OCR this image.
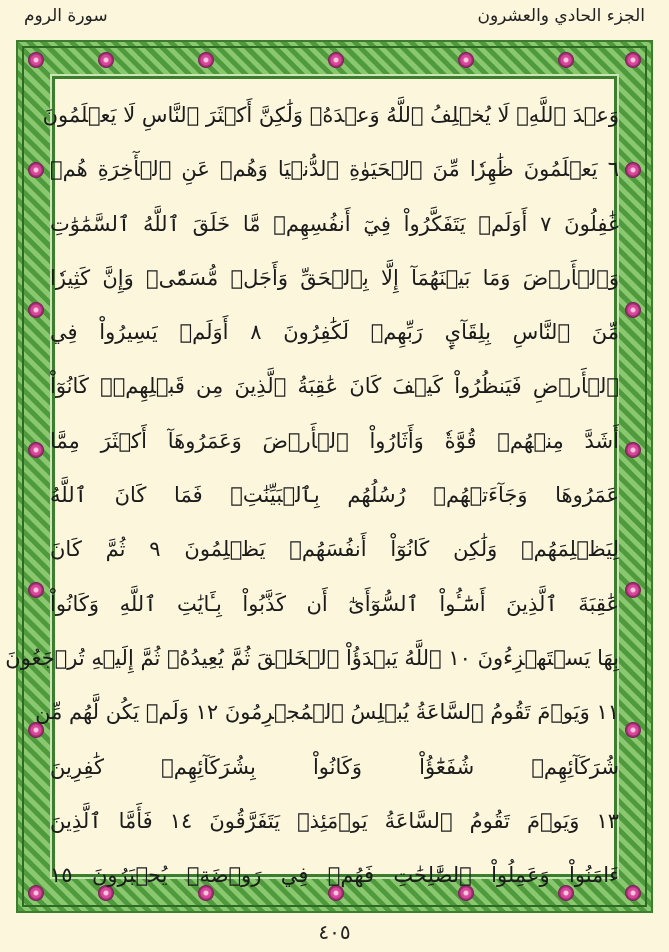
الجزء الحادي والعشرون
سورة الروم
وَعۡدَ ٱللَّهِۖ لَا يُخۡلِفُ ٱللَّهُ وَعۡدَهُۥ وَلَٰكِنَّ أَكۡثَرَ ٱلنَّاسِ لَا يَعۡلَمُونَ
٦ يَعۡلَمُونَ ظَٰهِرٗا مِّنَ ٱلۡحَيَوٰةِ ٱلدُّنۡيَا وَهُمۡ عَنِ ٱلۡأٓخِرَةِ هُمۡ
غَٰفِلُونَ ٧ أَوَلَمۡ يَتَفَكَّرُواْ فِيٓ أَنفُسِهِمۗ مَّا خَلَقَ ٱللَّهُ ٱلسَّمَٰوَٰتِ
وَٱلۡأَرۡضَ وَمَا بَيۡنَهُمَآ إِلَّا بِٱلۡحَقِّ وَأَجَلٖ مُّسَمّٗىۗ وَإِنَّ كَثِيرٗا
مِّنَ ٱلنَّاسِ بِلِقَآيِٕ رَبِّهِمۡ لَكَٰفِرُونَ ٨ أَوَلَمۡ يَسِيرُواْ فِي
ٱلۡأَرۡضِ فَيَنظُرُواْ كَيۡفَ كَانَ عَٰقِبَةُ ٱلَّذِينَ مِن قَبۡلِهِمۡۚ كَانُوٓاْ
أَشَدَّ مِنۡهُمۡ قُوَّةٗ وَأَثَارُواْ ٱلۡأَرۡضَ وَعَمَرُوهَآ أَكۡثَرَ مِمَّا
عَمَرُوهَا وَجَآءَتۡهُمۡ رُسُلُهُم بِٱلۡبَيِّنَٰتِۖ فَمَا كَانَ ٱللَّهُ
لِيَظۡلِمَهُمۡ وَلَٰكِن كَانُوٓاْ أَنفُسَهُمۡ يَظۡلِمُونَ ٩ ثُمَّ كَانَ
عَٰقِبَةَ ٱلَّذِينَ أَسَٰٓـُٔواْ ٱلسُّوٓأَىٰٓ أَن كَذَّبُواْ بِـَٔايَٰتِ ٱللَّهِ وَكَانُواْ
بِهَا يَسۡتَهۡزِءُونَ ١٠ ٱللَّهُ يَبۡدَؤُاْ ٱلۡخَلۡقَ ثُمَّ يُعِيدُهُۥ ثُمَّ إِلَيۡهِ تُرۡجَعُونَ
١١ وَيَوۡمَ تَقُومُ ٱلسَّاعَةُ يُبۡلِسُ ٱلۡمُجۡرِمُونَ ١٢ وَلَمۡ يَكُن لَّهُم مِّن
شُرَكَآئِهِمۡ شُفَعَٰٓؤُاْ وَكَانُواْ بِشُرَكَآئِهِمۡ كَٰفِرِينَ
١٣ وَيَوۡمَ تَقُومُ ٱلسَّاعَةُ يَوۡمَئِذٖ يَتَفَرَّقُونَ ١٤ فَأَمَّا ٱلَّذِينَ
ءَامَنُواْ وَعَمِلُواْ ٱلصَّٰلِحَٰتِ فَهُمۡ فِي رَوۡضَةٖ يُحۡبَرُونَ ١٥
٤٠٥
